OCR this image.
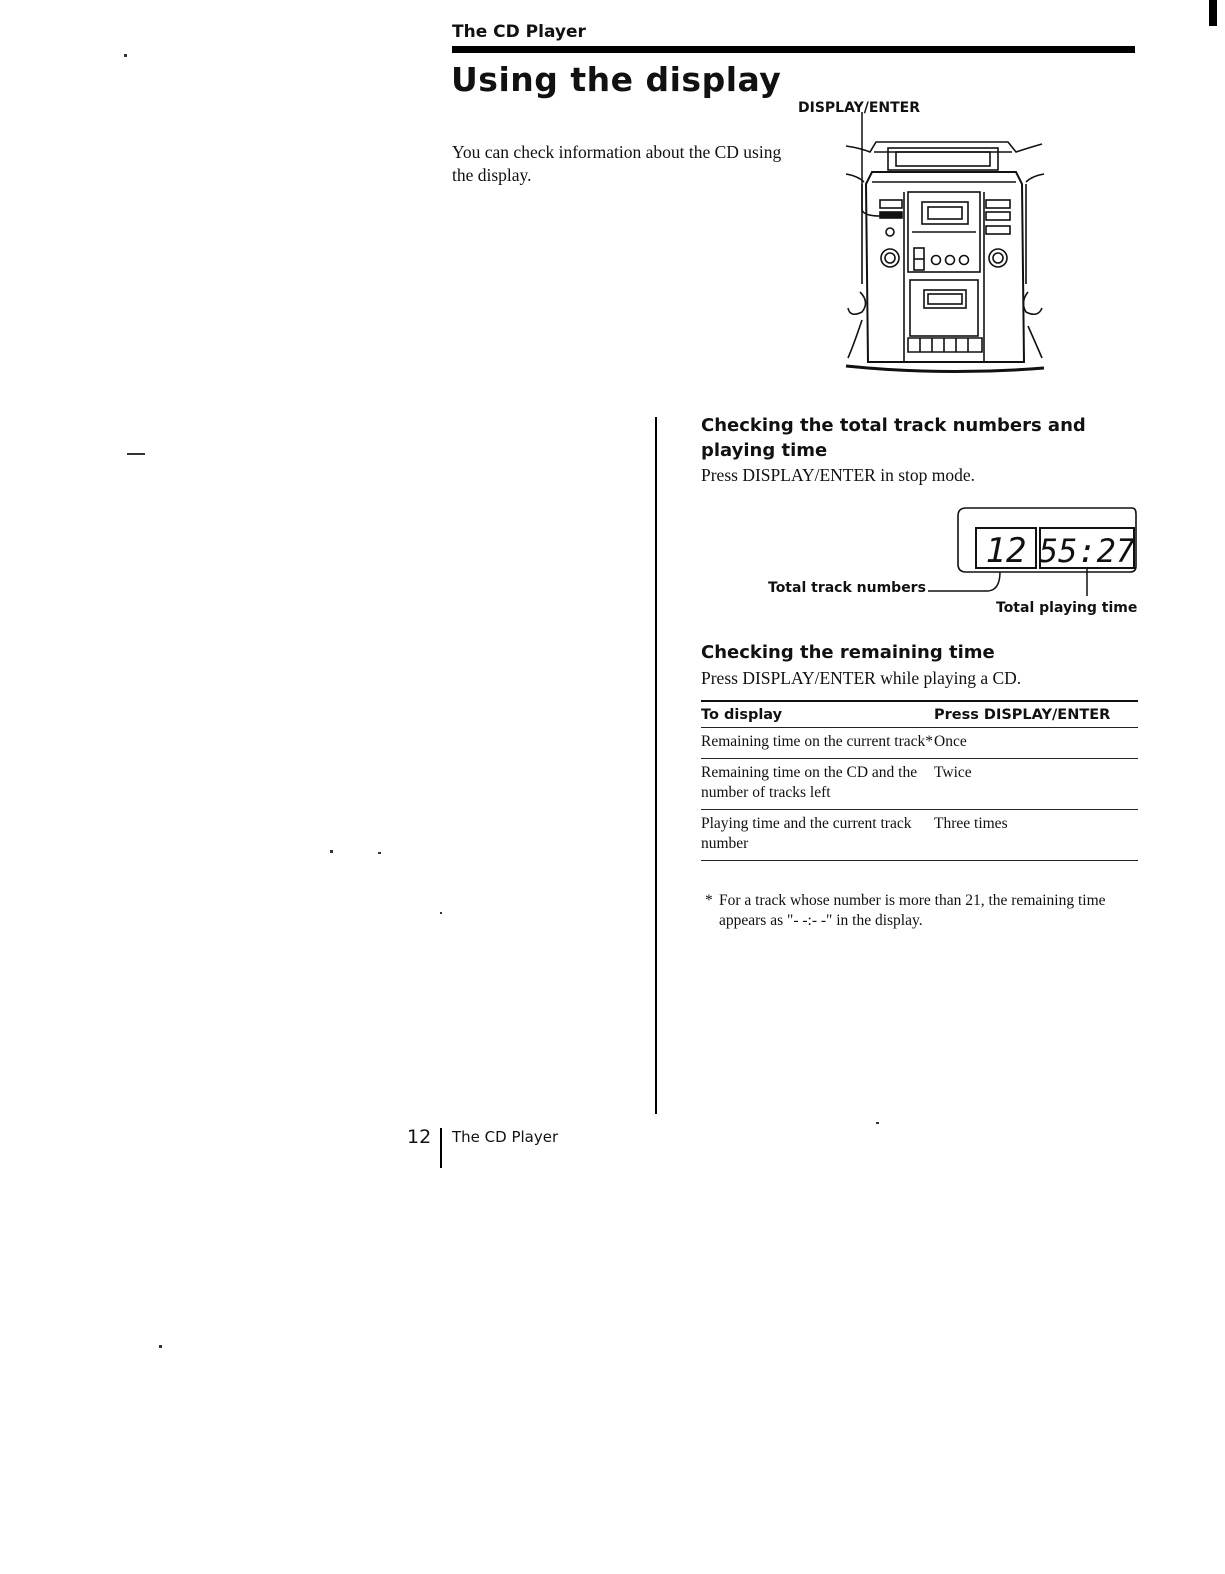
The CD Player
Using the display
You can check information about the CD using the display.
DISPLAY/ENTER
Checking the total track numbers and playing time
Press DISPLAY/ENTER in stop mode.
12 55:27
Total track numbers
Total playing time
Checking the remaining time
Press DISPLAY/ENTER while playing a CD.
To display	Press DISPLAY/ENTER
Remaining time on the current track* Once
Remaining time on the CD and the number of tracks left
Twice
Playing time and the current track number
Three times
* For a track whose number is more than 21, the remaining time appears as "- -:- -" in the display.
12 The CD Player
